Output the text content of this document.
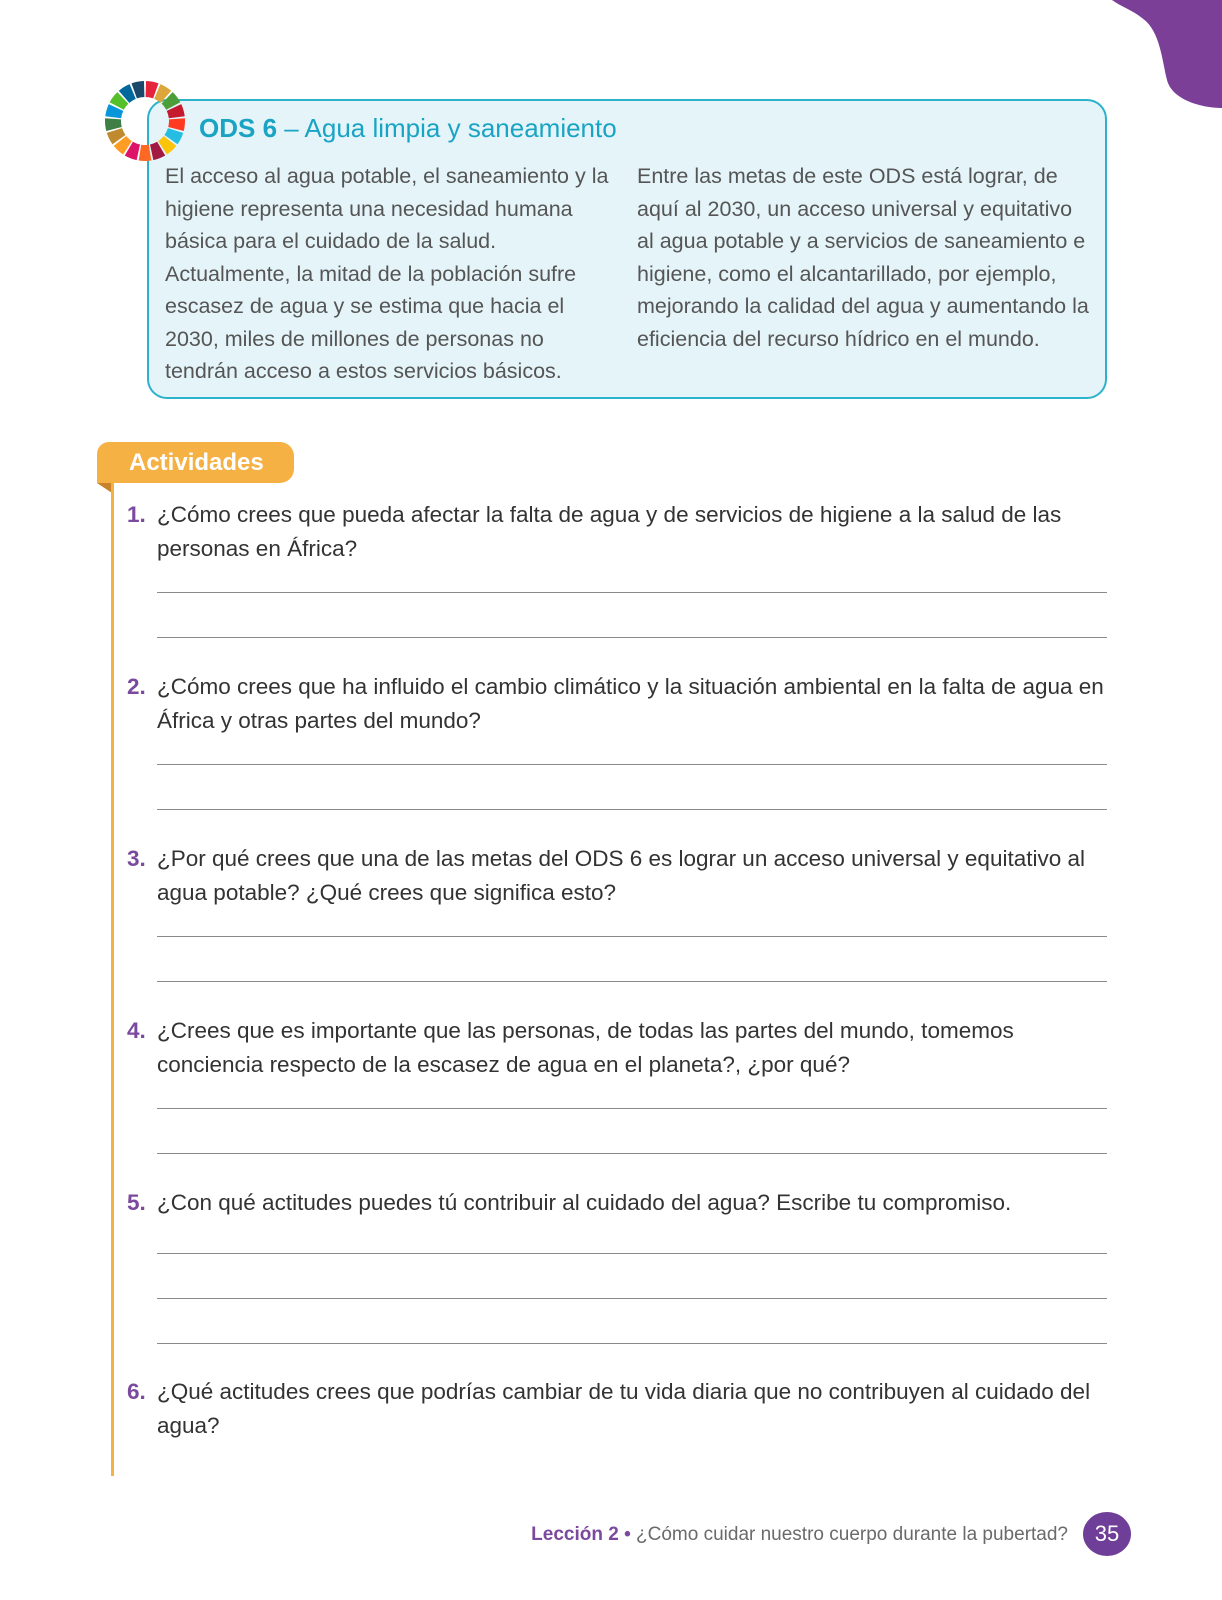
ODS 6 – Agua limpia y saneamiento
El acceso al agua potable, el saneamiento y la higiene representa una necesidad humana básica para el cuidado de la salud. Actualmente, la mitad de la población sufre escasez de agua y se estima que hacia el 2030, miles de millones de personas no tendrán acceso a estos servicios básicos.
Entre las metas de este ODS está lograr, de aquí al 2030, un acceso universal y equitativo al agua potable y a servicios de saneamiento e higiene, como el alcantarillado, por ejemplo, mejorando la calidad del agua y aumentando la eficiencia del recurso hídrico en el mundo.
Actividades
1. ¿Cómo crees que pueda afectar la falta de agua y de servicios de higiene a la salud de las personas en África?
2. ¿Cómo crees que ha influido el cambio climático y la situación ambiental en la falta de agua en África y otras partes del mundo?
3. ¿Por qué crees que una de las metas del ODS 6 es lograr un acceso universal y equitativo al agua potable? ¿Qué crees que significa esto?
4. ¿Crees que es importante que las personas, de todas las partes del mundo, tomemos conciencia respecto de la escasez de agua en el planeta?, ¿por qué?
5. ¿Con qué actitudes puedes tú contribuir al cuidado del agua? Escribe tu compromiso.
6. ¿Qué actitudes crees que podrías cambiar de tu vida diaria que no contribuyen al cuidado del agua?
Lección 2 • ¿Cómo cuidar nuestro cuerpo durante la pubertad?	35
